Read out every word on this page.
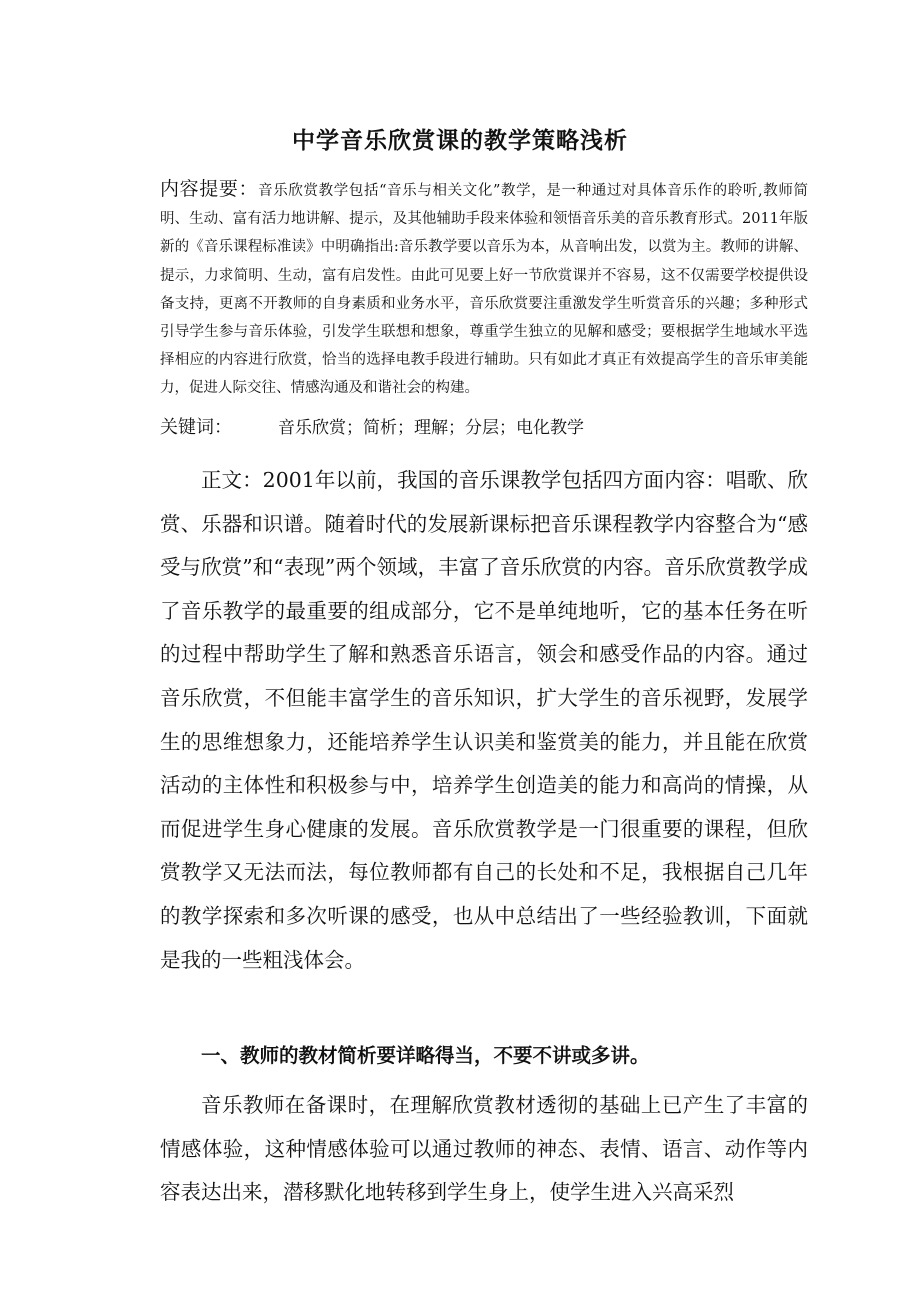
中学音乐欣赏课的教学策略浅析

内容提要：音乐欣赏教学包括“音乐与相关文化”教学，是一种通过对具体音乐作的聆听,教师简明、生动、富有活力地讲解、提示，及其他辅助手段来体验和领悟音乐美的音乐教育形式。2011年版新的《音乐课程标准读》中明确指出:音乐教学要以音乐为本，从音响出发，以赏为主。教师的讲解、提示，力求简明、生动，富有启发性。由此可见要上好一节欣赏课并不容易，这不仅需要学校提供设备支持，更离不开教师的自身素质和业务水平，音乐欣赏要注重激发学生听赏音乐的兴趣；多种形式引导学生参与音乐体验，引发学生联想和想象，尊重学生独立的见解和感受；要根据学生地域水平选择相应的内容进行欣赏，恰当的选择电教手段进行辅助。只有如此才真正有效提高学生的音乐审美能力，促进人际交往、情感沟通及和谐社会的构建。

关键词：	音乐欣赏；简析；理解；分层；电化教学

正文：2001年以前，我国的音乐课教学包括四方面内容：唱歌、欣赏、乐器和识谱。随着时代的发展新课标把音乐课程教学内容整合为“感受与欣赏”和“表现”两个领域，丰富了音乐欣赏的内容。音乐欣赏教学成了音乐教学的最重要的组成部分，它不是单纯地听，它的基本任务在听的过程中帮助学生了解和熟悉音乐语言，领会和感受作品的内容。通过音乐欣赏，不但能丰富学生的音乐知识，扩大学生的音乐视野，发展学生的思维想象力，还能培养学生认识美和鉴赏美的能力，并且能在欣赏活动的主体性和积极参与中，培养学生创造美的能力和高尚的情操，从而促进学生身心健康的发展。音乐欣赏教学是一门很重要的课程，但欣赏教学又无法而法，每位教师都有自己的长处和不足，我根据自己几年的教学探索和多次听课的感受，也从中总结出了一些经验教训，下面就是我的一些粗浅体会。

一、教师的教材简析要详略得当，不要不讲或多讲。

音乐教师在备课时，在理解欣赏教材透彻的基础上已产生了丰富的情感体验，这种情感体验可以通过教师的神态、表情、语言、动作等内容表达出来，潜移默化地转移到学生身上，使学生进入兴高采烈
